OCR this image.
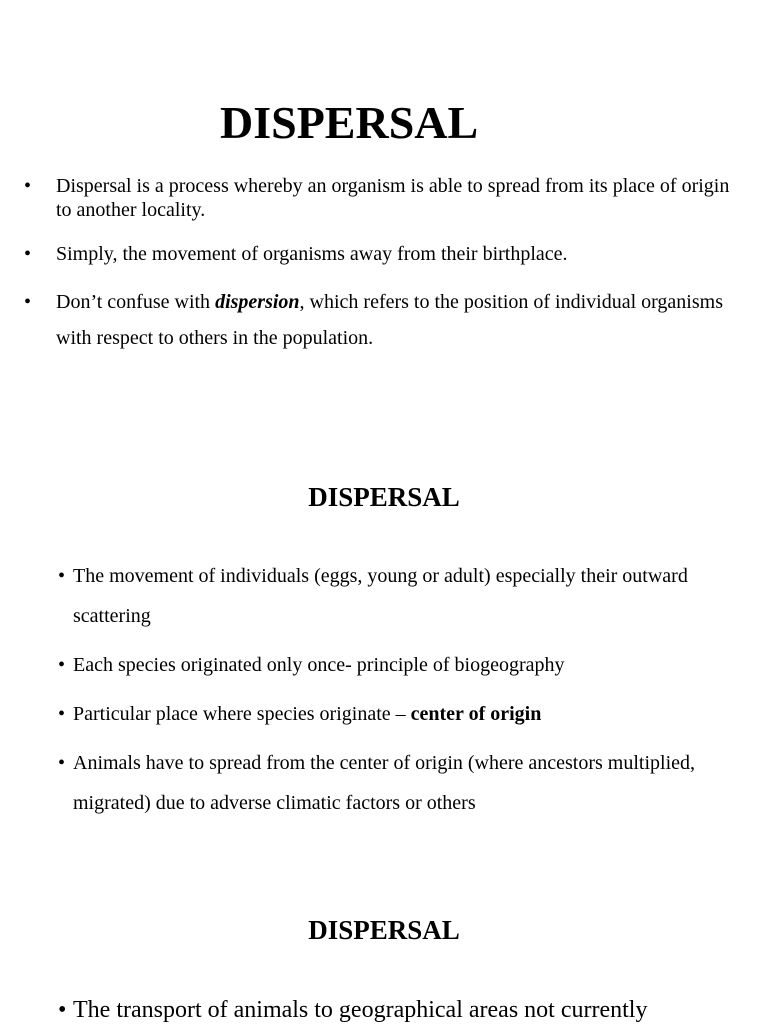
DISPERSAL
• Dispersal is a process whereby an organism is able to spread from its place of origin to another locality.
• Simply, the movement of organisms away from their birthplace.
• Don’t confuse with dispersion, which refers to the position of individual organisms with respect to others in the population.
DISPERSAL
• The movement of individuals (eggs, young or adult) especially their outward scattering
• Each species originated only once- principle of biogeography
• Particular place where species originate – center of origin
• Animals have to spread from the center of origin (where ancestors multiplied, migrated) due to adverse climatic factors or others
DISPERSAL
• The transport of animals to geographical areas not currently
